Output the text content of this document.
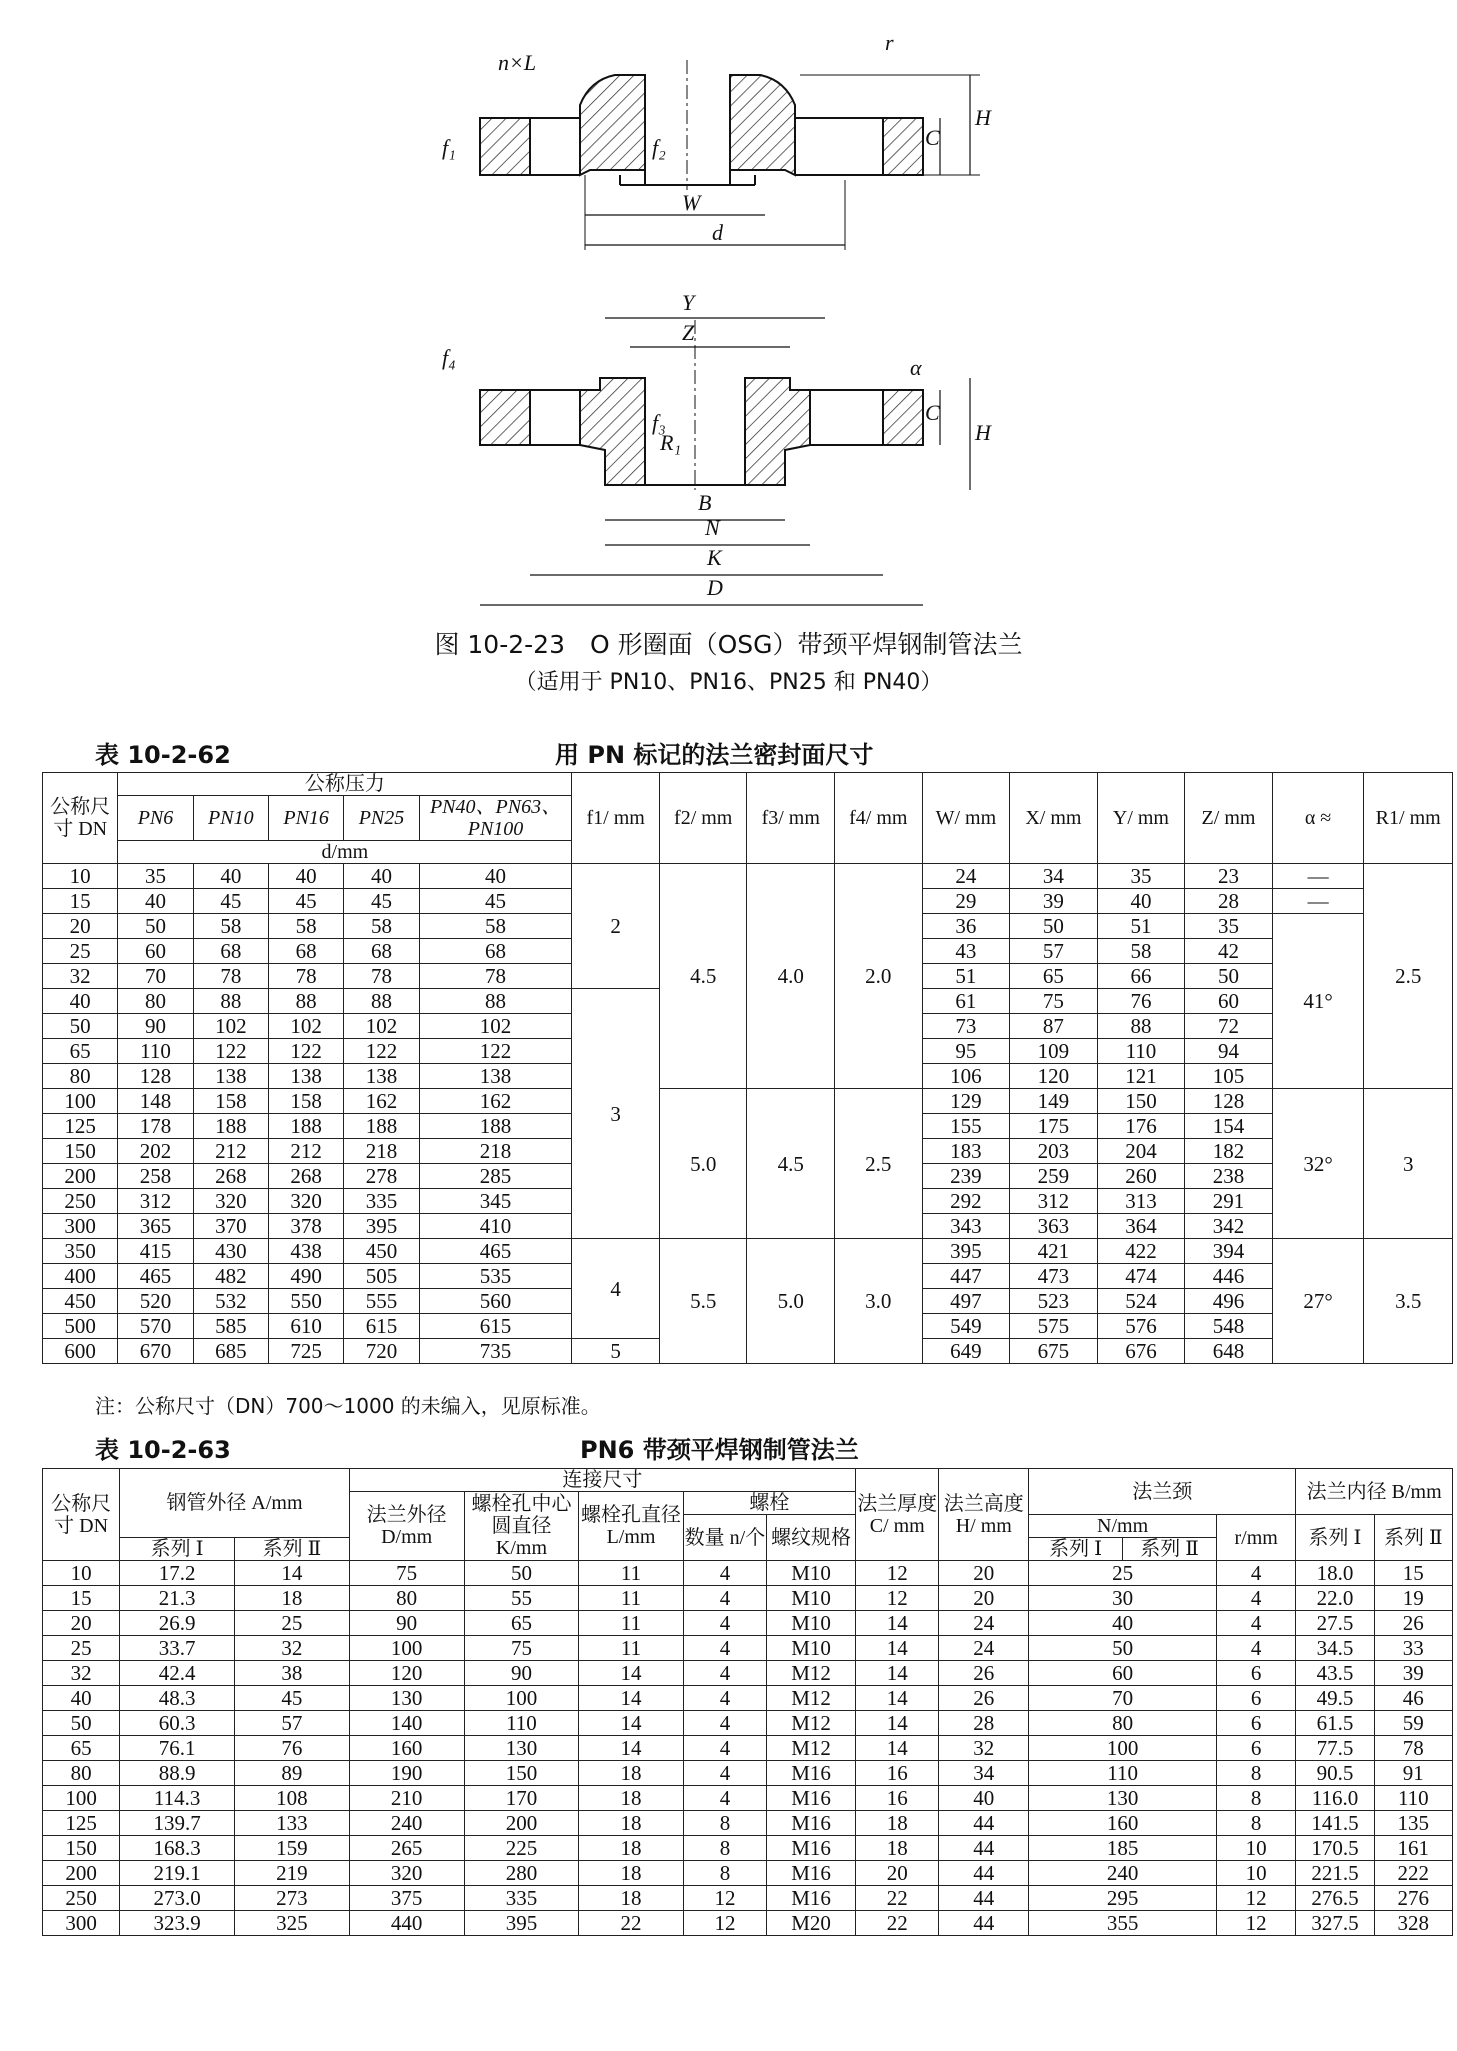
n×L
r
f₁	f₂	C
H
W
d
Y
Z
α
f₄
f₃
R₁
C
H
B
N
K
D
图 10-2-23　O 形圈面（OSG）带颈平焊钢制管法兰
（适用于 PN10、PN16、PN25 和 PN40）
表 10-2-62	用 PN 标记的法兰密封面尺寸
公称尺寸 DN	公称压力					f1/ mm	f2/ mm	f3/ mm	f4/ mm	W/ mm	X/ mm	Y/ mm	Z/ mm	α ≈	R1/ mm
	PN6	PN10	PN16	PN25	PN40、PN63、PN100										
	d/mm														
10	35	40	40	40	40	2	4.5	4.0	2.0	24	34	35	23	—	2.5
15	40	45	45	45	45					29	39	40	28	—	
20	50	58	58	58	58					36	50	51	35	41°	
25	60	68	68	68	68					43	57	58	42		
32	70	78	78	78	78					51	65	66	50		
40	80	88	88	88	88	3				61	75	76	60		
50	90	102	102	102	102					73	87	88	72		
65	110	122	122	122	122					95	109	110	94		
80	128	138	138	138	138					106	120	121	105		
100	148	158	158	162	162		5.0	4.5	2.5	129	149	150	128	32°	3
125	178	188	188	188	188					155	175	176	154		
150	202	212	212	218	218					183	203	204	182		
200	258	268	268	278	285					239	259	260	238		
250	312	320	320	335	345					292	312	313	291		
300	365	370	378	395	410					343	363	364	342		
350	415	430	438	450	465	4	5.5	5.0	3.0	395	421	422	394	27°	3.5
400	465	482	490	505	535					447	473	474	446		
450	520	532	550	555	560					497	523	524	496		
500	570	585	610	615	615					549	575	576	548		
600	670	685	725	720	735	5				649	675	676	648		
注：公称尺寸（DN）700～1000 的未编入，见原标准。
表 10-2-63	PN6 带颈平焊钢制管法兰
公称尺寸 DN	钢管外径 A/mm		连接尺寸					法兰厚度 C/ mm	法兰高度 H/ mm	法兰颈			法兰内径 B/mm	
			法兰外径 D/mm	螺栓孔中心圆直径 K/mm	螺栓孔直径 L/mm	螺栓								
						数量 n/个	螺纹规格			N/mm		r/mm	系列 Ⅰ	系列 Ⅱ
	系列 Ⅰ	系列 Ⅱ								系列 Ⅰ	系列 Ⅱ			
10	17.2	14	75	50	11	4	M10	12	20	25		4	18.0	15
15	21.3	18	80	55	11	4	M10	12	20	30		4	22.0	19
20	26.9	25	90	65	11	4	M10	14	24	40		4	27.5	26
25	33.7	32	100	75	11	4	M10	14	24	50		4	34.5	33
32	42.4	38	120	90	14	4	M12	14	26	60		6	43.5	39
40	48.3	45	130	100	14	4	M12	14	26	70		6	49.5	46
50	60.3	57	140	110	14	4	M12	14	28	80		6	61.5	59
65	76.1	76	160	130	14	4	M12	14	32	100		6	77.5	78
80	88.9	89	190	150	18	4	M16	16	34	110		8	90.5	91
100	114.3	108	210	170	18	4	M16	16	40	130		8	116.0	110
125	139.7	133	240	200	18	8	M16	18	44	160		8	141.5	135
150	168.3	159	265	225	18	8	M16	18	44	185		10	170.5	161
200	219.1	219	320	280	18	8	M16	20	44	240		10	221.5	222
250	273.0	273	375	335	18	12	M16	22	44	295		12	276.5	276
300	323.9	325	440	395	22	12	M20	22	44	355		12	327.5	328
